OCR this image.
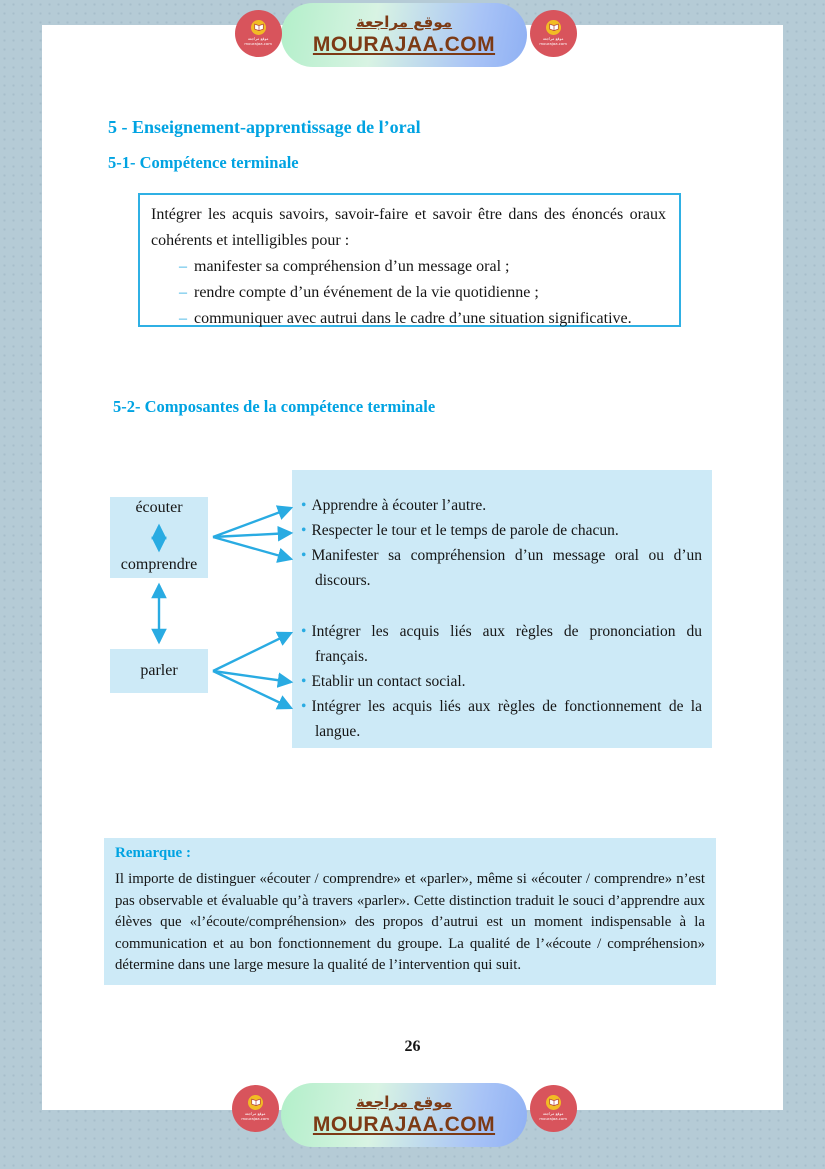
موقع مراجعة
MOURAJAA.COM
موقع مراجعة
mourajaa.com
موقع مراجعة
mourajaa.com
5 - Enseignement-apprentissage de l’oral
5-1- Compétence terminale

Intégrer les acquis savoirs, savoir-faire et savoir être dans des énoncés oraux cohérents et intelligibles pour :

– manifester sa compréhension d’un message oral ;
– rendre compte d’un événement de la vie quotidienne ;
– communiquer avec autrui dans le cadre d’une situation significative.
5-2- Composantes de la compétence terminale
• Apprendre à écouter l’autre.
• Respecter le tour et le temps de parole de chacun.
• Manifester sa compréhension d’un message oral ou d’un discours.
• Intégrer les acquis liés aux règles de prononciation du français.
• Etablir un contact social.
• Intégrer les acquis liés aux règles de fonctionnement de la langue.
écouter
comprendre
parler

Remarque :

Il importe de distinguer «écouter / comprendre» et «parler», même si «écouter / comprendre» n’est pas observable et évaluable qu’à travers «parler». Cette distinction traduit le souci d’apprendre aux élèves que «l’écoute/compréhension» des propos d’autrui est un moment indispensable à la communication et au bon fonctionnement du groupe. La qualité de l’«écoute / compréhension» détermine dans une large mesure la qualité de l’intervention qui suit.

26
موقع مراجعة
MOURAJAA.COM
موقع مراجعة
mourajaa.com
موقع مراجعة
mourajaa.com
